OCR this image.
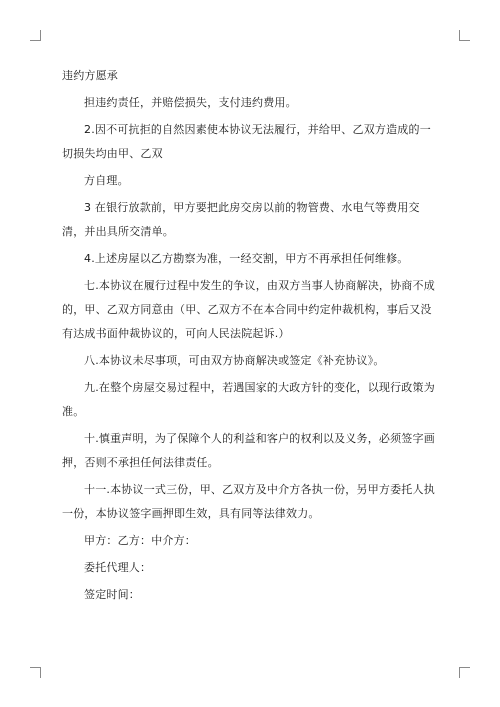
违约方愿承

担违约责任，并赔偿损失，支付违约费用。

2.因不可抗拒的自然因素使本协议无法履行，并给甲、乙双方造成的一切损失均由甲、乙双

方自理。

3 在银行放款前，甲方要把此房交房以前的物管费、水电气等费用交清，并出具所交清单。

4.上述房屋以乙方勘察为准，一经交割，甲方不再承担任何维修。

七.本协议在履行过程中发生的争议，由双方当事人协商解决，协商不成的，甲、乙双方同意由（甲、乙双方不在本合同中约定仲裁机构，事后又没有达成书面仲裁协议的，可向人民法院起诉.）

八.本协议未尽事项，可由双方协商解决或签定《补充协议》。

九.在整个房屋交易过程中，若遇国家的大政方针的变化，以现行政策为准。

十.慎重声明，为了保障个人的利益和客户的权利以及义务，必须签字画押，否则不承担任何法律责任。

十一.本协议一式三份，甲、乙双方及中介方各执一份，另甲方委托人执一份，本协议签字画押即生效，具有同等法律效力。

甲方：乙方：中介方：

委托代理人：

签定时间：
